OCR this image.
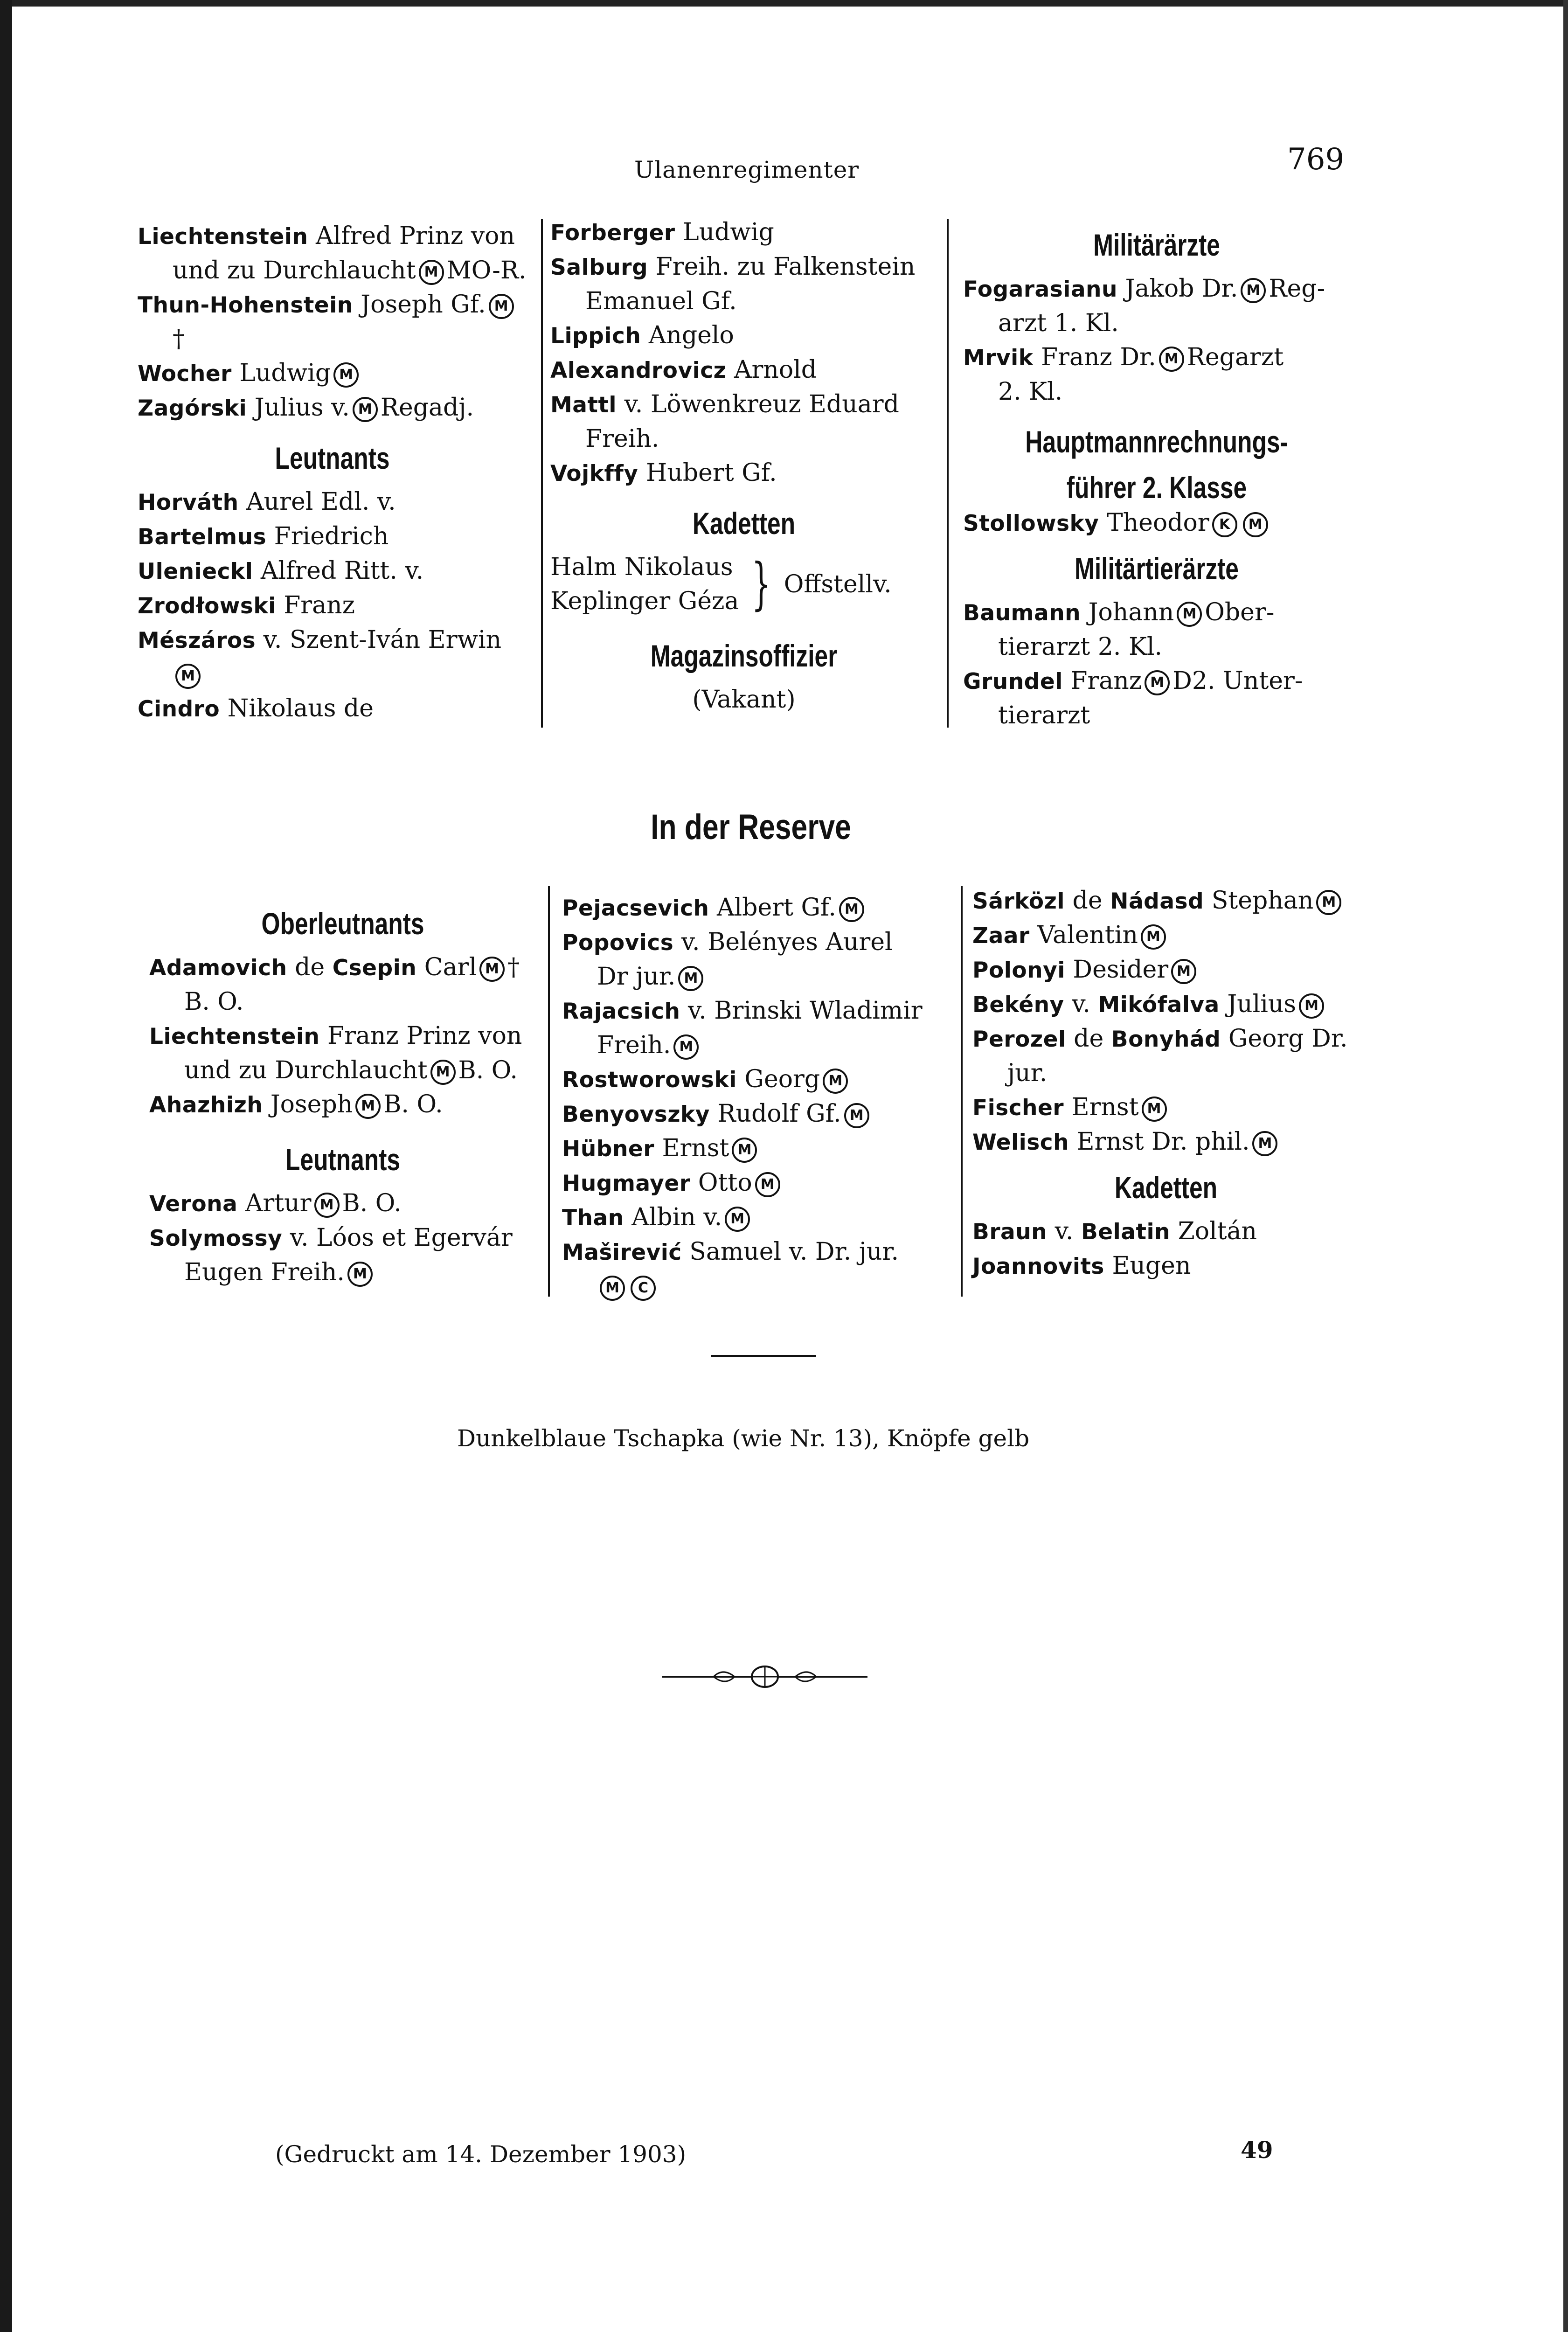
Ulanenregimenter	769
Liechtenstein Alfred Prinz von
und zu Durchlaucht M MO-R.
Thun-Hohenstein Joseph Gf. M
†
Wocher Ludwig M
Zagórski Julius v. M Regadj.
Leutnants
Horváth Aurel Edl. v.
Bartelmus Friedrich
Ulenieckl Alfred Ritt. v.
Zrodłowski Franz
Mészáros v. Szent-Iván Erwin
M
Cindro Nikolaus de
Forberger Ludwig
Salburg Freih. zu Falkenstein
Emanuel Gf.
Lippich Angelo
Alexandrovicz Arnold
Mattl v. Löwenkreuz Eduard
Freih.
Vojkffy Hubert Gf.
Kadetten
Halm Nikolaus
Keplinger Géza } Offstellv.
Magazinsoffizier
(Vakant)
Militärärzte
Fogarasianu Jakob Dr. M Reg-
arzt 1. Kl.
Mrvik Franz Dr. M Regarzt
2. Kl.
Hauptmannrechnungs-
führer 2. Klasse
Stollowsky Theodor K M
Militärtierärzte
Baumann Johann M Ober-
tierarzt 2. Kl.
Grundel Franz M D2. Unter-
tierarzt
In der Reserve
Oberleutnants
Adamovich de Csepin Carl M †
B. O.
Liechtenstein Franz Prinz von
und zu Durchlaucht M B. O.
Ahazhizh Joseph M B. O.
Leutnants
Verona Artur M B. O.
Solymossy v. Lóos et Egervár
Eugen Freih. M
Pejacsevich Albert Gf. M
Popovics v. Belényes Aurel
Dr jur. M
Rajacsich v. Brinski Wladimir
Freih. M
Rostworowski Georg M
Benyovszky Rudolf Gf. M
Hübner Ernst M
Hugmayer Otto M
Than Albin v. M
Maširević Samuel v. Dr. jur.
M C
Sárközl de Nádasd Stephan M
Zaar Valentin M
Polonyi Desider M
Bekény v. Mikófalva Julius M
Perozel de Bonyhád Georg Dr.
jur.
Fischer Ernst M
Welisch Ernst Dr. phil. M
Kadetten
Braun v. Belatin Zoltán
Joannovits Eugen
Dunkelblaue Tschapka (wie Nr. 13), Knöpfe gelb
(Gedruckt am 14. Dezember 1903)	49
